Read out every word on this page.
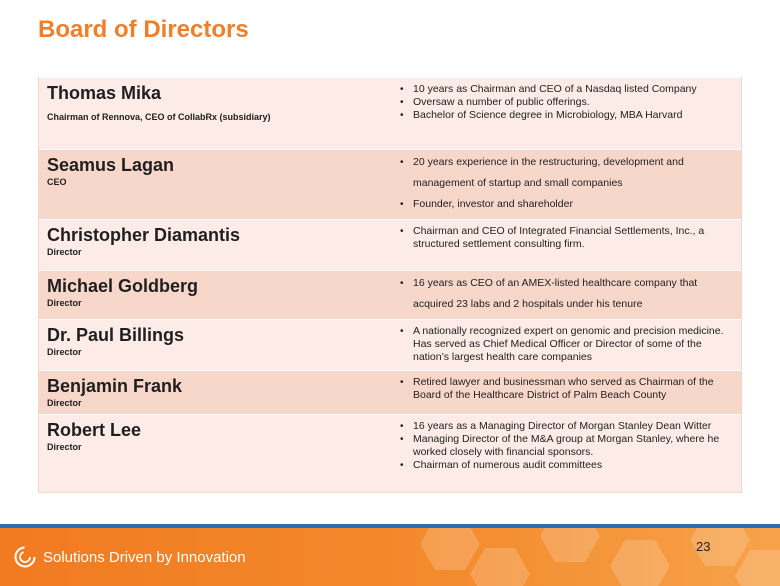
Board of Directors
Thomas Mika
Chairman of Rennova, CEO of CollabRx (subsidiary)
• 10 years as Chairman and CEO of a Nasdaq listed Company
• Oversaw a number of public offerings.
• Bachelor of Science degree in Microbiology, MBA Harvard
Seamus Lagan
CEO
• 20 years experience in the restructuring, development and management of startup and small companies
• Founder, investor and shareholder
Christopher Diamantis
Director
• Chairman and CEO of Integrated Financial Settlements, Inc., a structured settlement consulting firm.
Michael Goldberg
Director
• 16 years as CEO of an AMEX-listed healthcare company that acquired 23 labs and 2 hospitals under his tenure
Dr. Paul Billings
Director
• A nationally recognized expert on genomic and precision medicine. Has served as Chief Medical Officer or Director of some of the nation’s largest health care companies
Benjamin Frank
Director
• Retired lawyer and businessman who served as Chairman of the Board of the Healthcare District of Palm Beach County
Robert Lee
Director
• 16 years as a Managing Director of Morgan Stanley Dean Witter
• Managing Director of the M&A group at Morgan Stanley, where he worked closely with financial sponsors.
• Chairman of numerous audit committees
Solutions Driven by Innovation
23
